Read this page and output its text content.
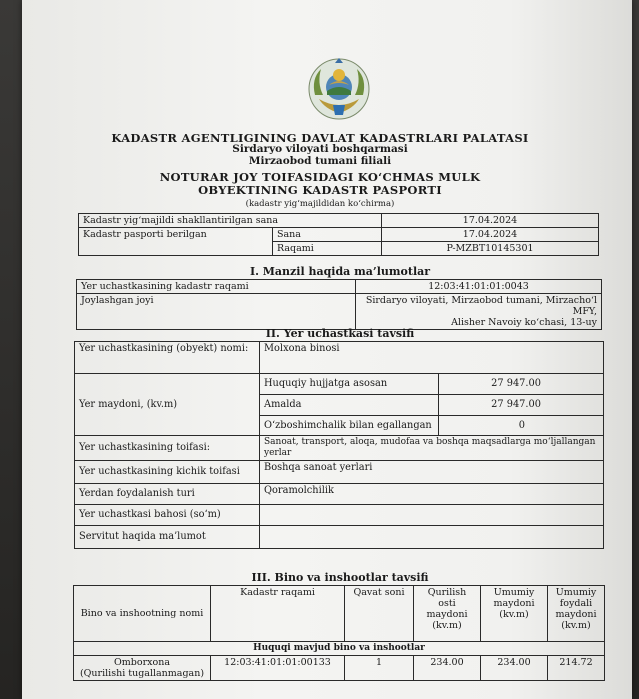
KADASTR AGENTLIGINING DAVLAT KADASTRLARI PALATASI
Sirdaryo viloyati boshqarmasi
Mirzaobod tumani filiali
NOTURAR JOY TOIFASIDAGI KO‘CHMAS MULK
OBYEKTINING KADASTR PASPORTI
(kadastr yig‘majildidan ko‘chirma)
Kadastr yig‘majildi shakllantirilgan sana		17.04.2024
Kadastr pasporti berilgan	Sana	17.04.2024
	Raqami	P-MZBT10145301
I. Manzil haqida ma’lumotlar
Yer uchastkasining kadastr raqami	12:03:41:01:01:0043
Joylashgan joyi	Sirdaryo viloyati, Mirzaobod tumani, Mirzacho‘l MFY,
Alisher Navoiy ko‘chasi, 13-uy
II. Yer uchastkasi tavsifi
Yer uchastkasining (obyekt) nomi:	Molxona binosi	
Yer maydoni, (kv.m)	Huquqiy hujjatga asosan	27 947.00
	Amalda	27 947.00
	O‘zboshimchalik bilan egallangan	0
Yer uchastkasining toifasi:	Sanoat, transport, aloqa, mudofaa va boshqa maqsadlarga mo‘ljallangan yerlar	
Yer uchastkasining kichik toifasi	Boshqa sanoat yerlari	
Yerdan foydalanish turi	Qoramolchilik	
Yer uchastkasi bahosi (so‘m)		
Servitut haqida ma’lumot		
III. Bino va inshootlar tavsifi
Bino va inshootning nomi	Kadastr raqami	Qavat soni	Qurilish osti maydoni (kv.m)	Umumiy maydoni (kv.m)	Umumiy foydali maydoni (kv.m)
Huquqi mavjud bino va inshootlar					

Omborxona
(Qurilishi tugallanmagan)	12:03:41:01:01:00133	1	234.00	234.00	214.72
